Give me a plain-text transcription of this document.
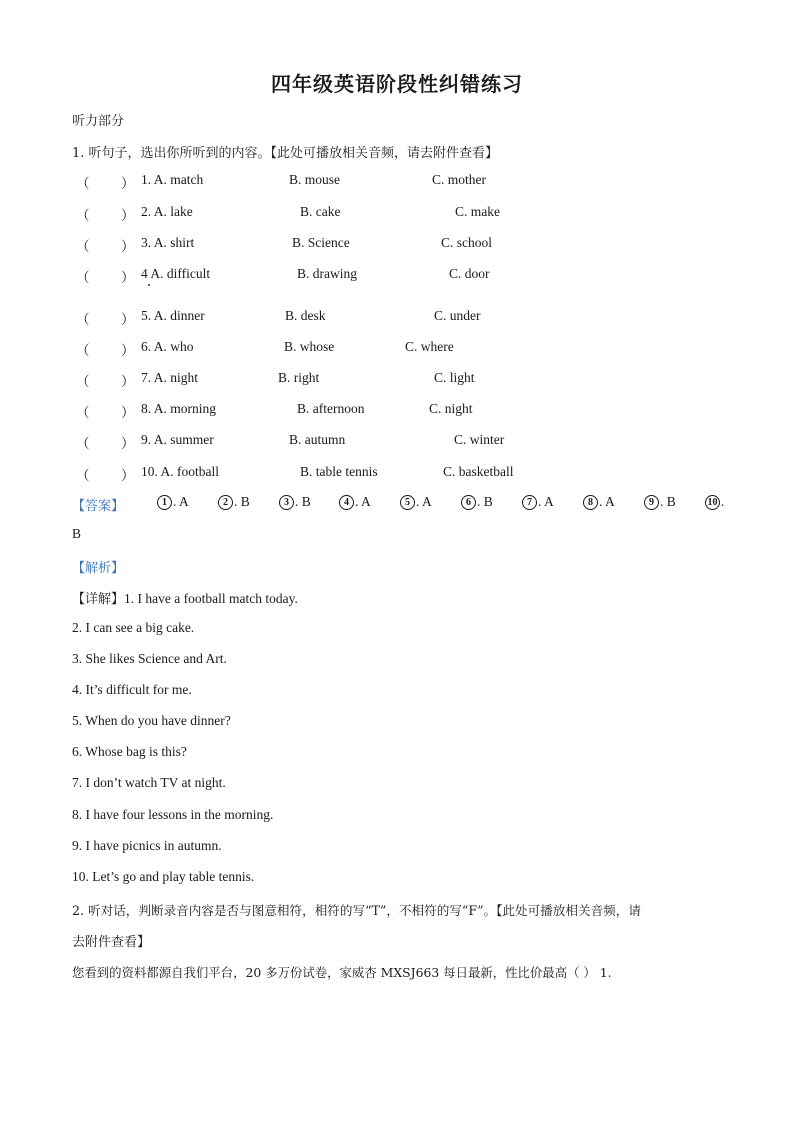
四年级英语阶段性纠错练习
听力部分
1. 听句子，选出你所听到的内容。【此处可播放相关音频，请去附件查看】
（ ） 1. A. match	B. mouse	C. mother
（ ） 2. A. lake	B. cake	C. make
（ ） 3. A. shirt	B. Science	C. school
（ ） 4 A. difficult	B. drawing	C. door
（ ） 5. A. dinner	B. desk	C. under
（ ） 6. A. who	B. whose	C. where
（ ） 7. A. night	B. right	C. light
（ ） 8. A. morning	B. afternoon	C. night
（ ） 9. A. summer	B. autumn	C. winter
（ ） 10. A. football	B. table tennis	C. basketball
【答案】	1 . A	2 . B	3 . B	4 . A	5 . A	6 . B	7 . A	8 . A	9 . B	10 .
B
【解析】
【详解】1. I have a football match today.
2. I can see a big cake.
3. She likes Science and Art.
4. It’s difficult for me.
5. When do you have dinner?
6. Whose bag is this?
7. I don’t watch TV at night.
8. I have four lessons in the morning.
9. I have picnics in autumn.
10. Let’s go and play table tennis.
2. 听对话，判断录音内容是否与图意相符，相符的写“T”，不相符的写“F”。【此处可播放相关音频，请
去附件查看】
您看到的资料都源自我们平台，20 多万份试卷，家威杏 MXSJ663 每日最新，性比价最高（ ） 1.
